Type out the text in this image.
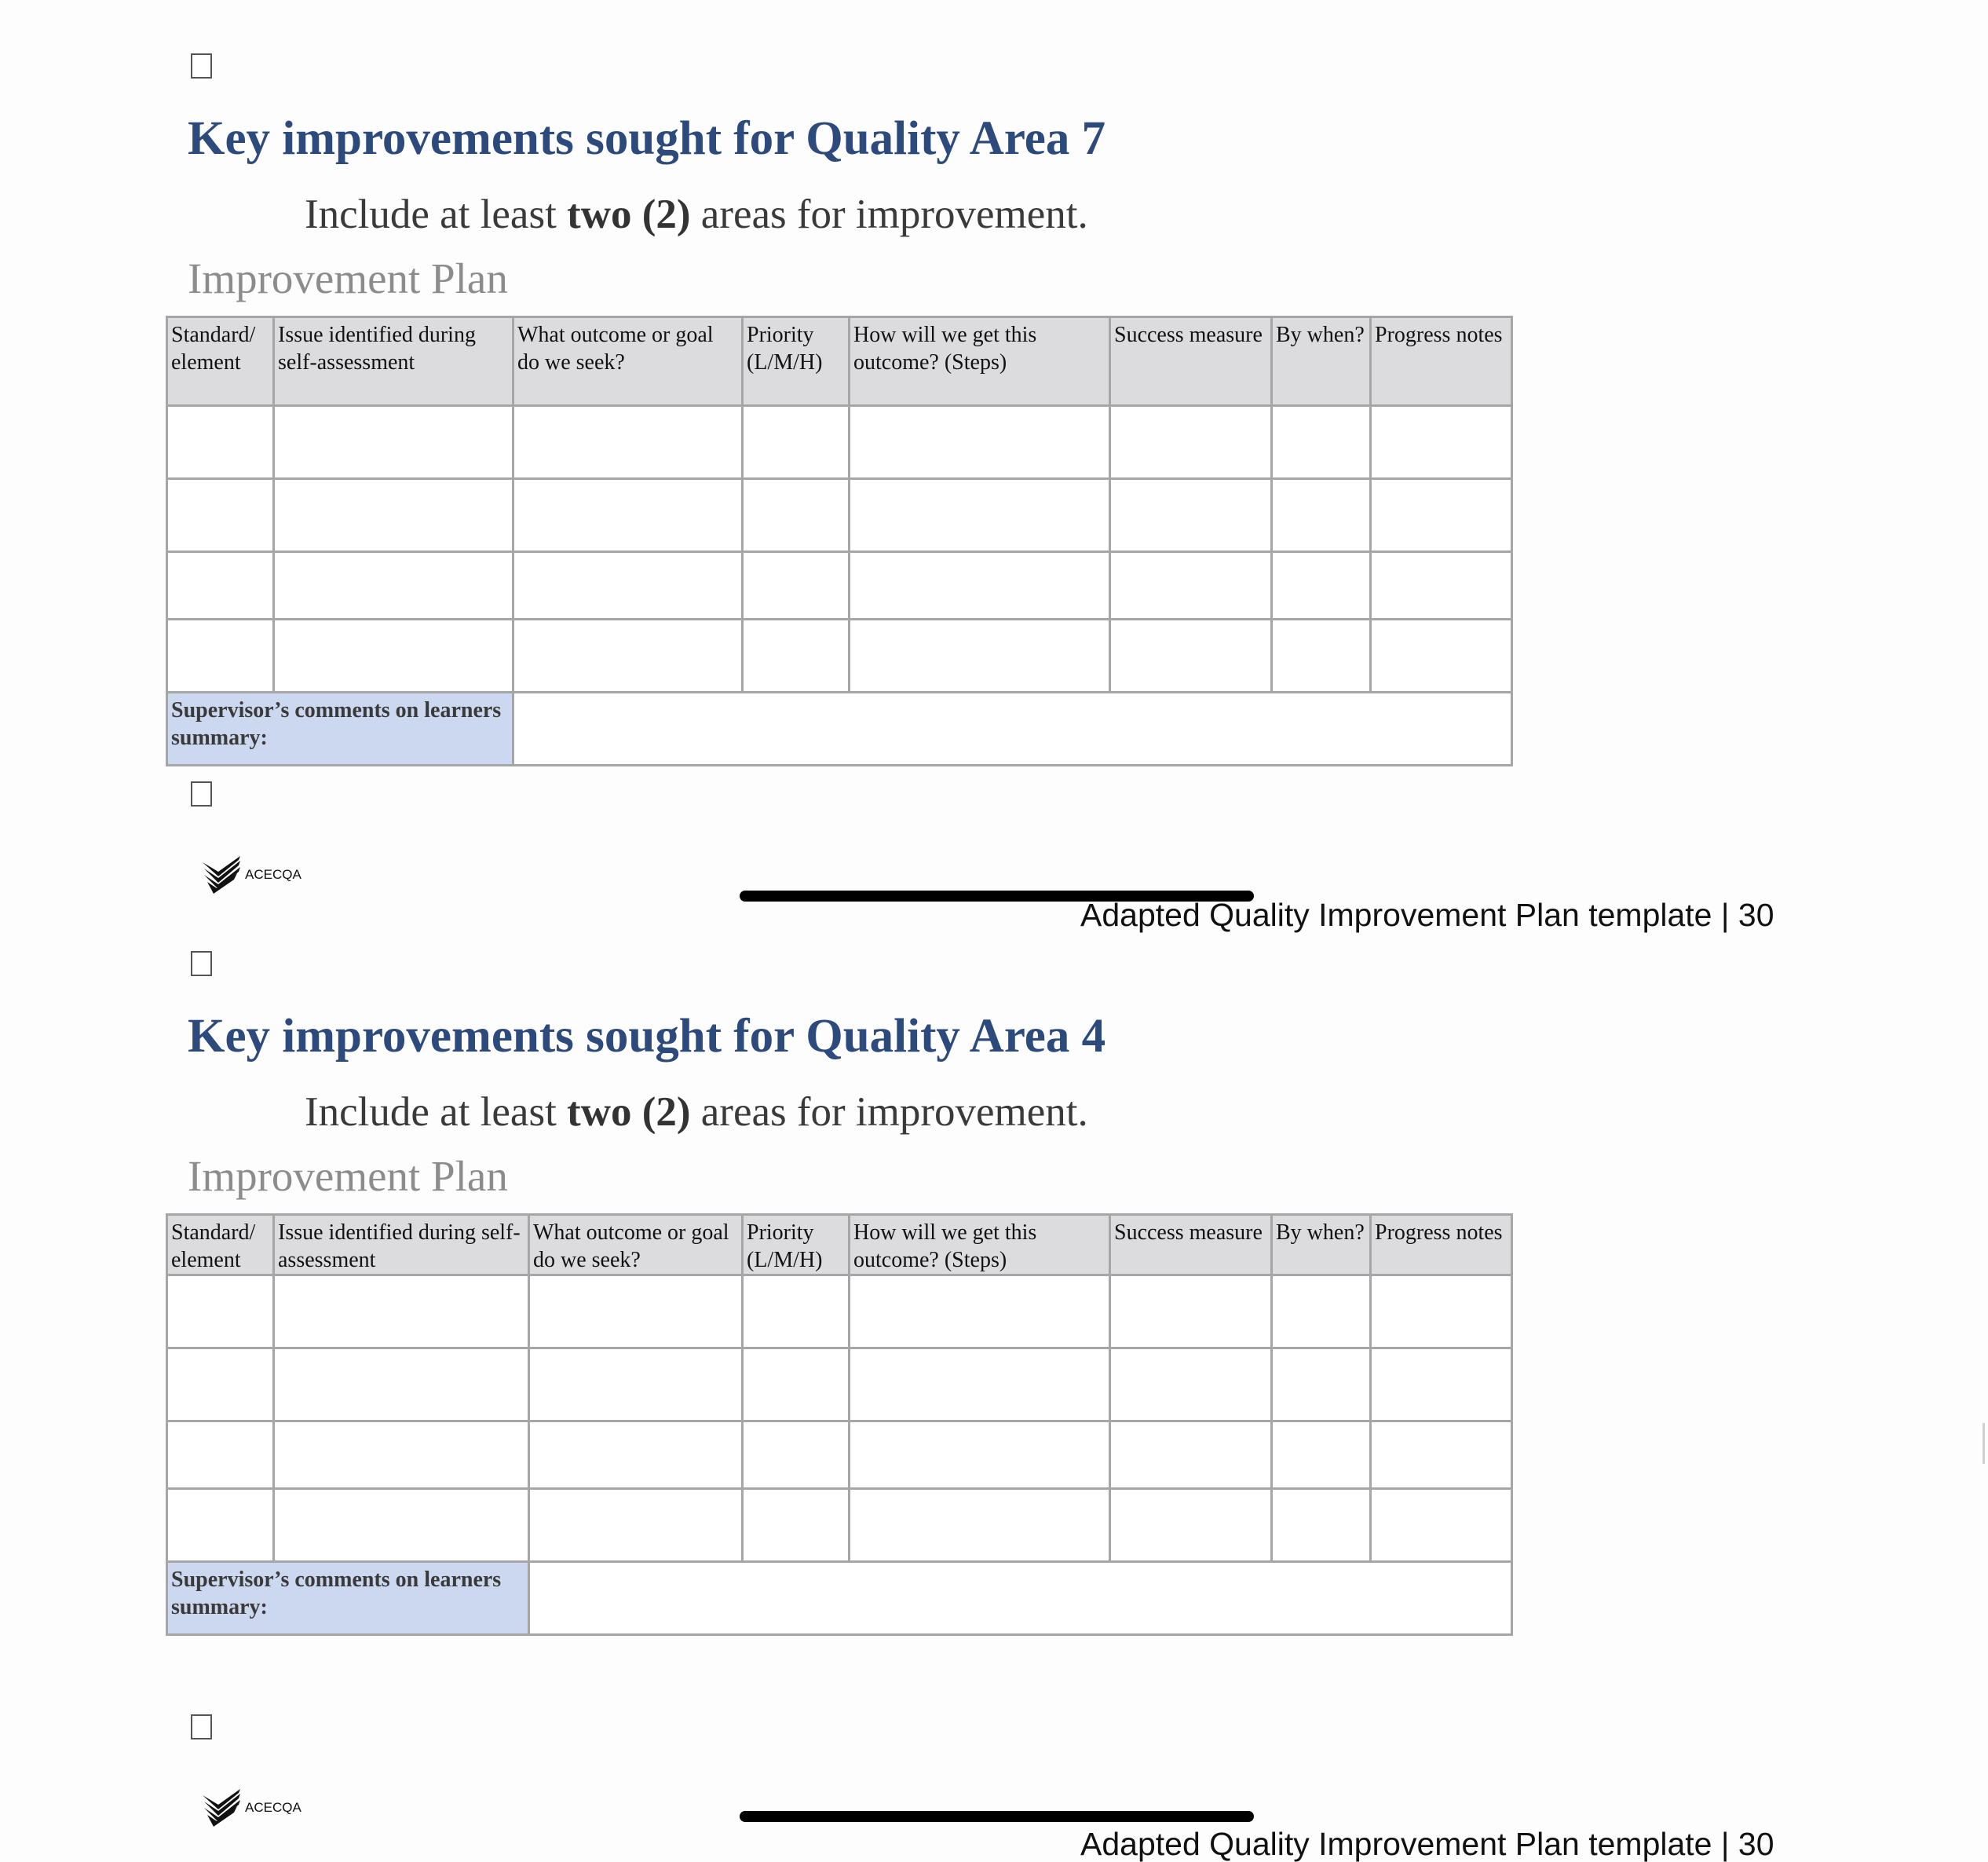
Key improvements sought for Quality Area 7
Include at least two (2) areas for improvement.
Improvement Plan
Standard/ element	Issue identified during self-assessment	What outcome or goal do we seek?	Priority (L/M/H)	How will we get this outcome? (Steps)	Success measure	By when?	Progress notes

Supervisor’s comments on learners summary:							
ACECQA
Adapted Quality Improvement Plan template | 30
Key improvements sought for Quality Area 4
Include at least two (2) areas for improvement.
Improvement Plan
Standard/ element	Issue identified during self-assessment	What outcome or goal do we seek?	Priority (L/M/H)	How will we get this outcome? (Steps)	Success measure	By when?	Progress notes

Supervisor’s comments on learners summary:							
ACECQA
Adapted Quality Improvement Plan template | 30
